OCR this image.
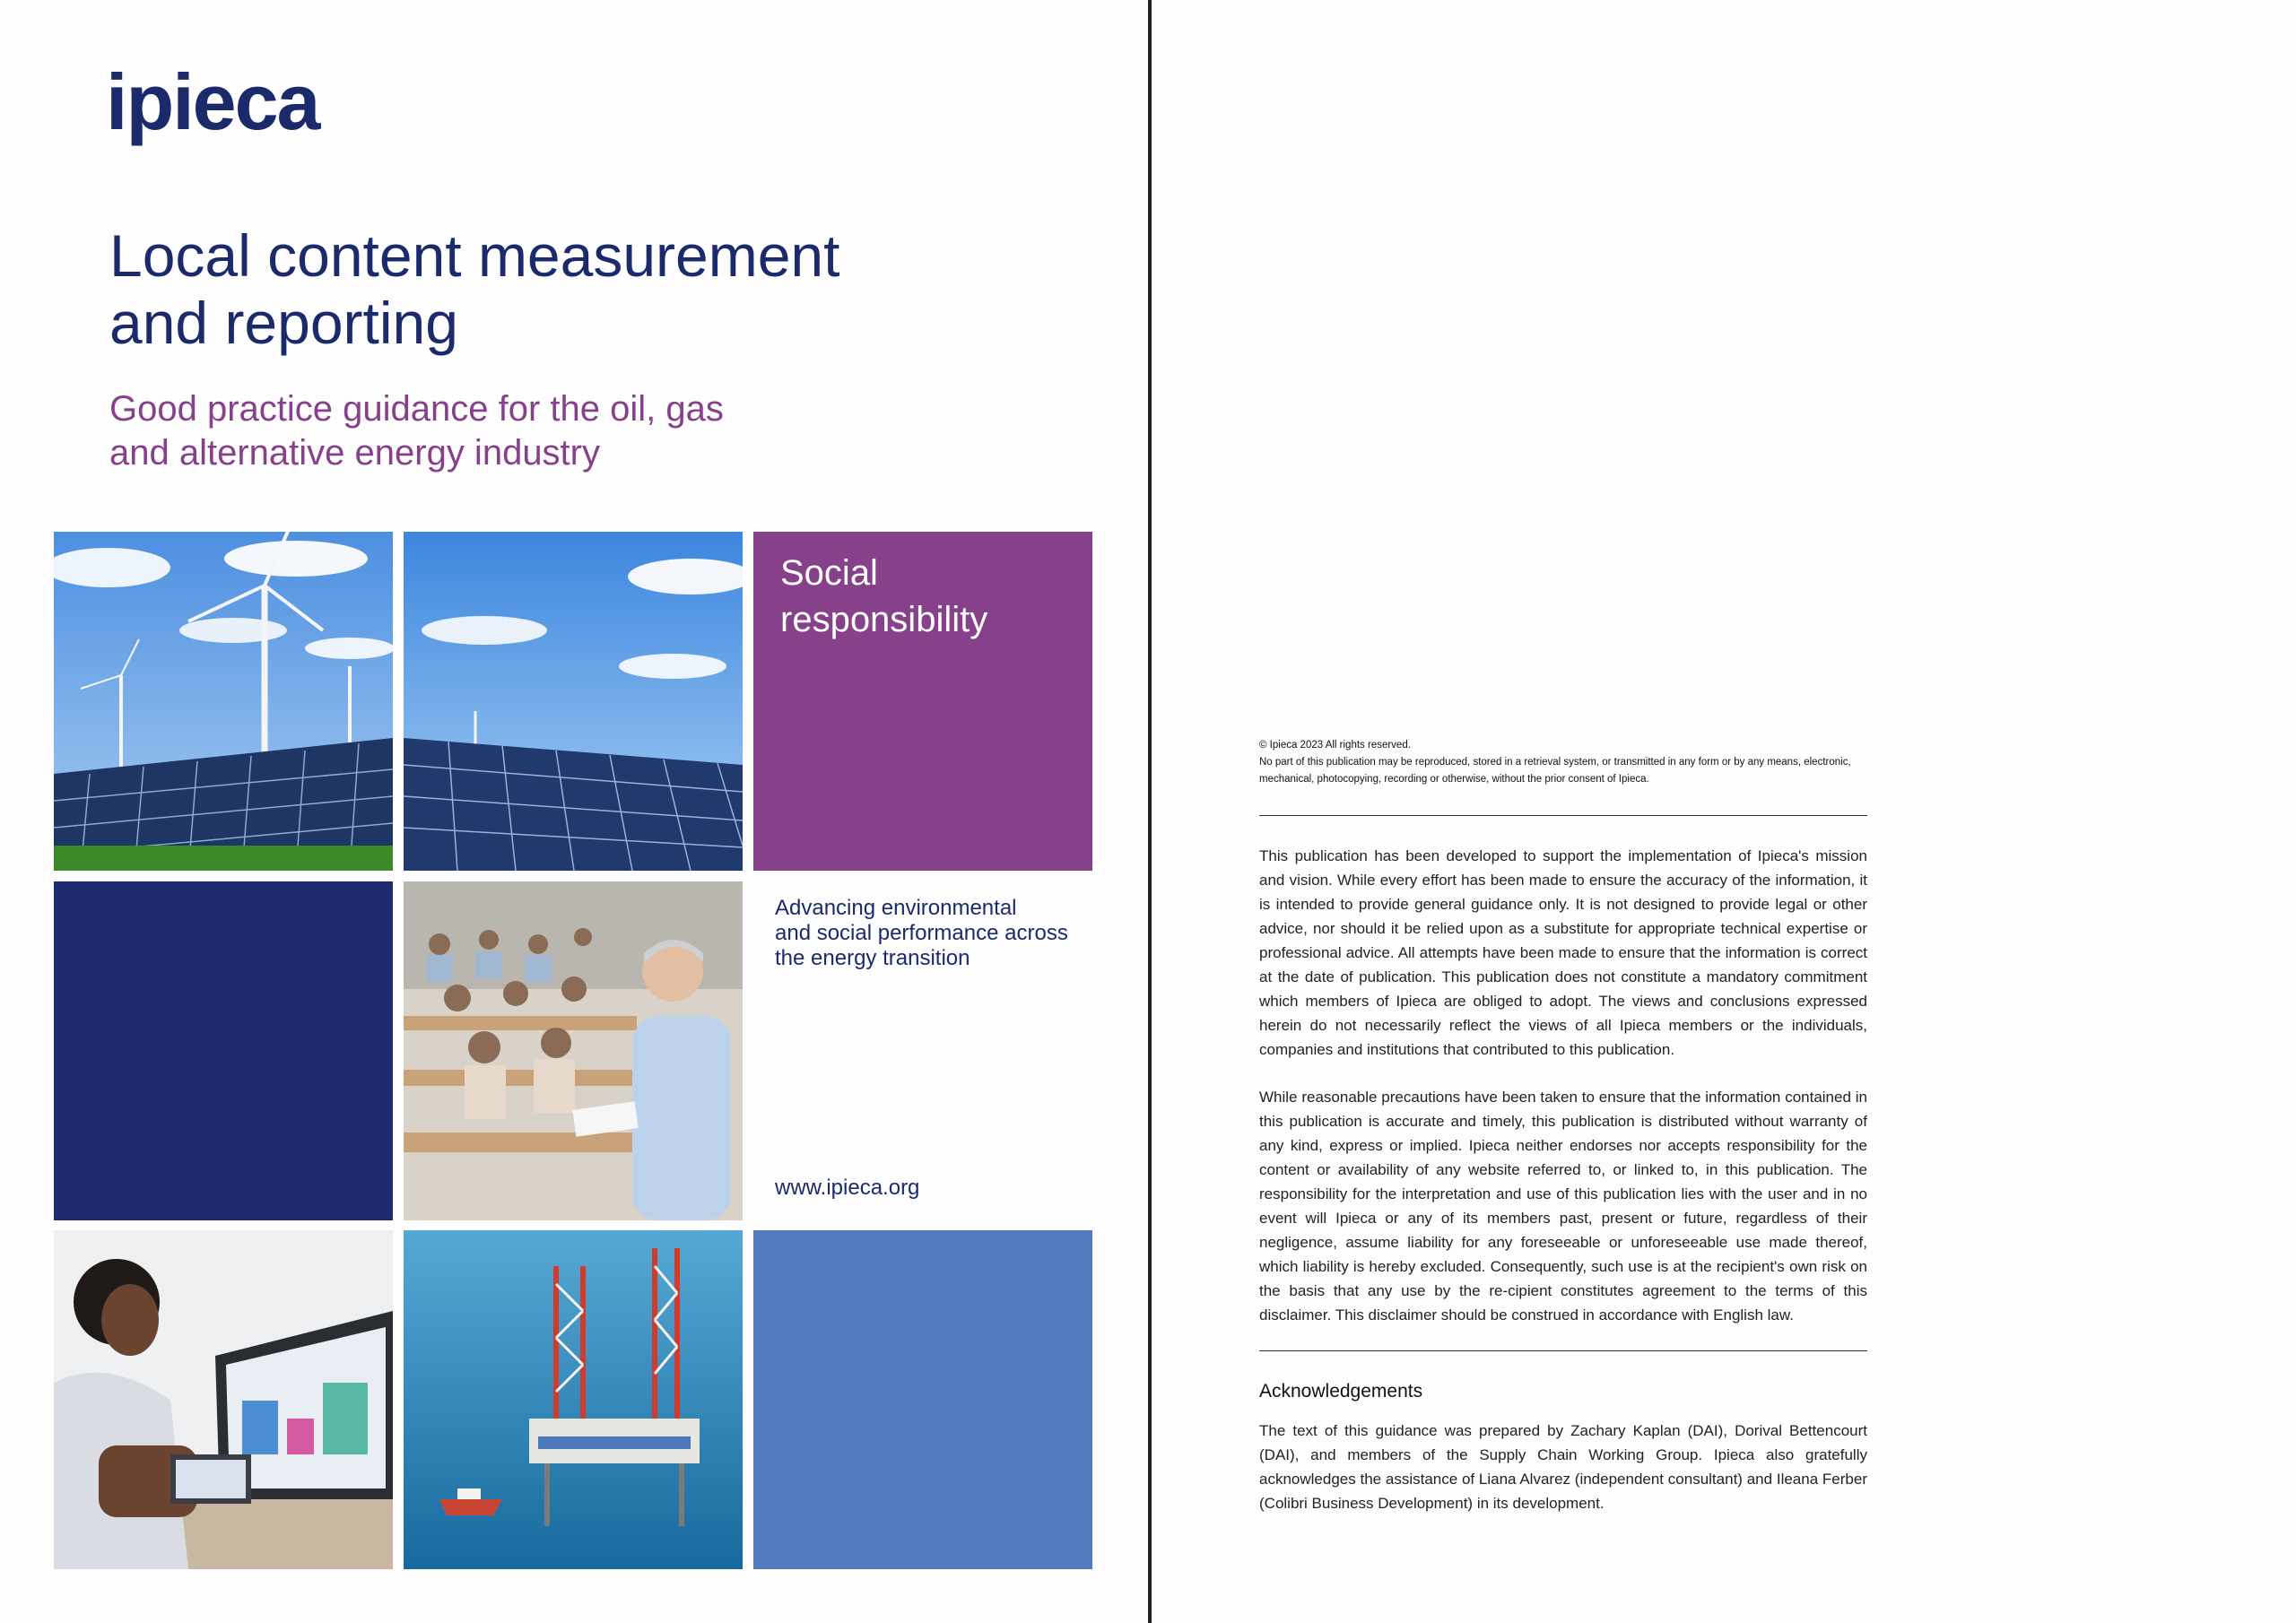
ipieca
Local content measurement
and reporting
Good practice guidance for the oil, gas
and alternative energy industry
Social
responsibility
Advancing environmental
and social performance across
the energy transition
www.ipieca.org
© Ipieca 2023 All rights reserved.
No part of this publication may be reproduced, stored in a retrieval system, or transmitted in any form or by any means, electronic,
mechanical, photocopying, recording or otherwise, without the prior consent of Ipieca.
This publication has been developed to support the implementation of Ipieca's mission and vision. While every effort has been made to ensure the accuracy of the information, it is intended to provide general guidance only. It is not designed to provide legal or other advice, nor should it be relied upon as a substitute for appropriate technical expertise or professional advice. All attempts have been made to ensure that the information is correct at the date of publication. This publication does not constitute a mandatory commitment which members of Ipieca are obliged to adopt. The views and conclusions expressed herein do not necessarily reflect the views of all Ipieca members or the individuals, companies and institutions that contributed to this publication.
While reasonable precautions have been taken to ensure that the information contained in this publication is accurate and timely, this publication is distributed without warranty of any kind, express or implied. Ipieca neither endorses nor accepts responsibility for the content or availability of any website referred to, or linked to, in this publication. The responsibility for the interpretation and use of this publication lies with the user and in no event will Ipieca or any of its members past, present or future, regardless of their negligence, assume liability for any foreseeable or unforeseeable use made thereof, which liability is hereby excluded. Consequently, such use is at the recipient's own risk on the basis that any use by the re-cipient constitutes agreement to the terms of this disclaimer. This disclaimer should be construed in accordance with English law.
Acknowledgements
The text of this guidance was prepared by Zachary Kaplan (DAI), Dorival Bettencourt (DAI), and members of the Supply Chain Working Group. Ipieca also gratefully acknowledges the assistance of Liana Alvarez (independent consultant) and Ileana Ferber (Colibri Business Development) in its development.
